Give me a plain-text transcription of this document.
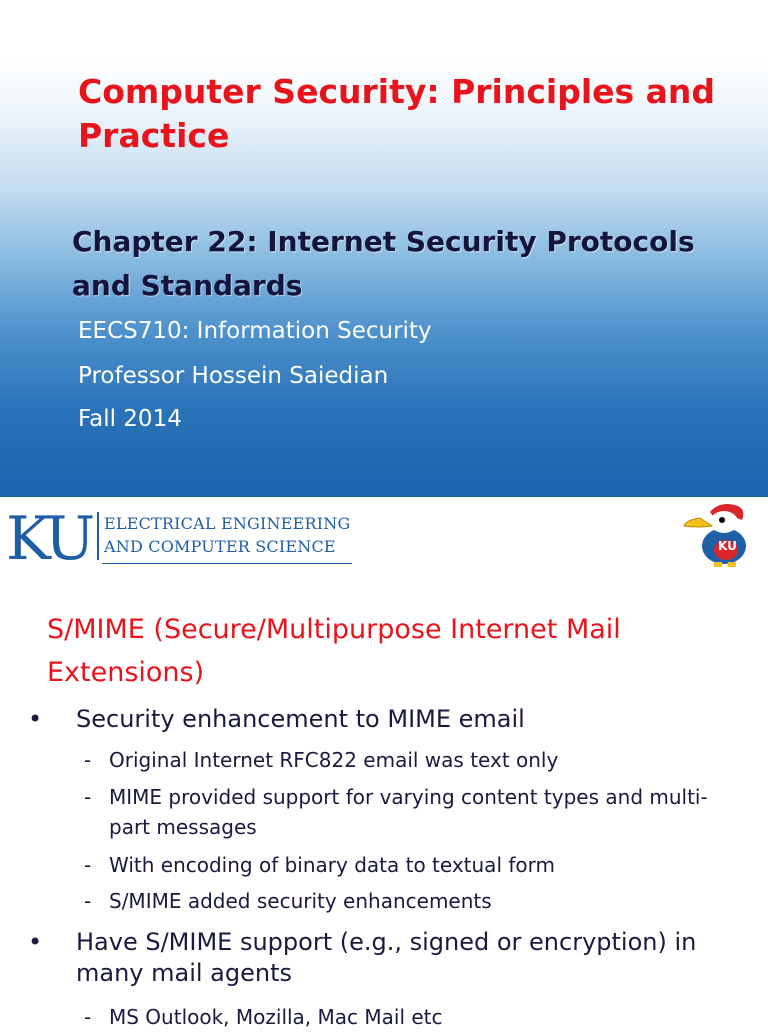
Computer Security: Principles and Practice
Chapter 22: Internet Security Protocols and Standards
EECS710: Information Security
Professor Hossein Saiedian
Fall 2014
KU ELECTRICAL ENGINEERING
AND COMPUTER SCIENCE	KU
S/MIME (Secure/Multipurpose Internet Mail Extensions)
• Security enhancement to MIME email
- Original Internet RFC822 email was text only
- MIME provided support for varying content types and multi-part messages
- With encoding of binary data to textual form
- S/MIME added security enhancements
• Have S/MIME support (e.g., signed or encryption) in many mail agents
- MS Outlook, Mozilla, Mac Mail etc
